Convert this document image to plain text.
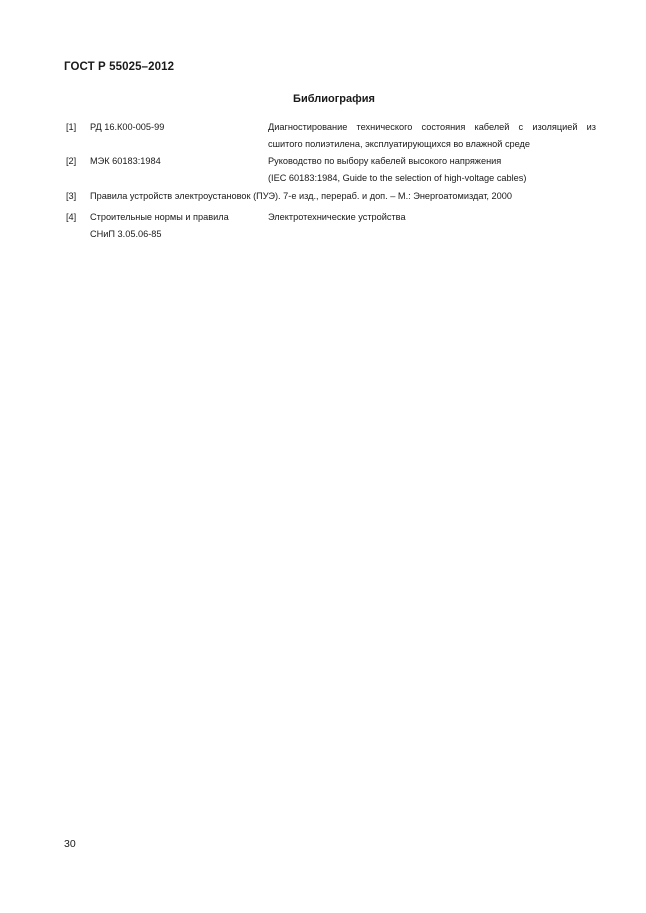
ГОСТ Р 55025–2012
Библиография
[1] РД 16.К00-005-99	Диагностирование технического состояния кабелей с изоляцией из
сшитого полиэтилена, эксплуатирующихся во влажной среде
[2] МЭК 60183:1984	Руководство по выбору кабелей высокого напряжения
(IEC 60183:1984, Guide to the selection of high-voltage cables)
[3] Правила устройств электроустановок (ПУЭ). 7-е изд., перераб. и доп. – М.: Энергоатомиздат, 2000
[4] Строительные нормы и правила
СНиП 3.05.06-85
Электротехнические устройства
30
